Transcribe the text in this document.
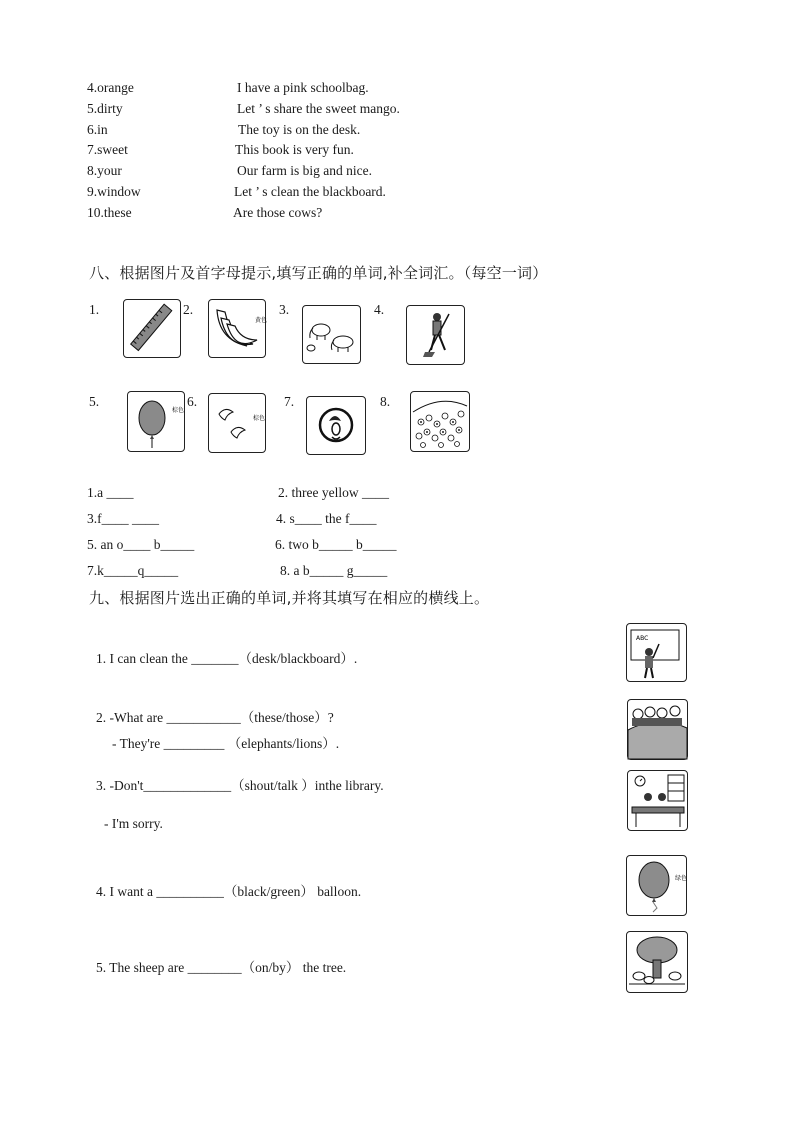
4.orange	I have a pink schoolbag.
5.dirty	Let ’ s share the sweet mango.
6.in	The toy is on the desk.
7.sweet	This book is very fun.
8.your	Our farm is big and nice.
9.window	Let ’ s clean the blackboard.
10.these	Are those cows?
八、根据图片及首字母提示,填写正确的单词,补全词汇。（每空一词）
1.	2.	3.	4.
黄色
5.	6.	7.	8.
棕色
棕色
1.a ____	2. three yellow ____
3.f____ ____	4. s____ the f____
5. an o____ b_____	6. two b_____ b_____
7.k_____q_____	8. a b_____ g_____
九、根据图片选出正确的单词,并将其填写在相应的横线上。
1. I can clean the _______（desk/blackboard）.
2. -What are ___________（these/those）?
- They're _________ （elephants/lions）.
3. -Don't_____________（shout/talk ）inthe library.
- I'm sorry.
4. I want a __________（black/green） balloon.
5. The sheep are ________（on/by） the tree.
ABC
绿色
